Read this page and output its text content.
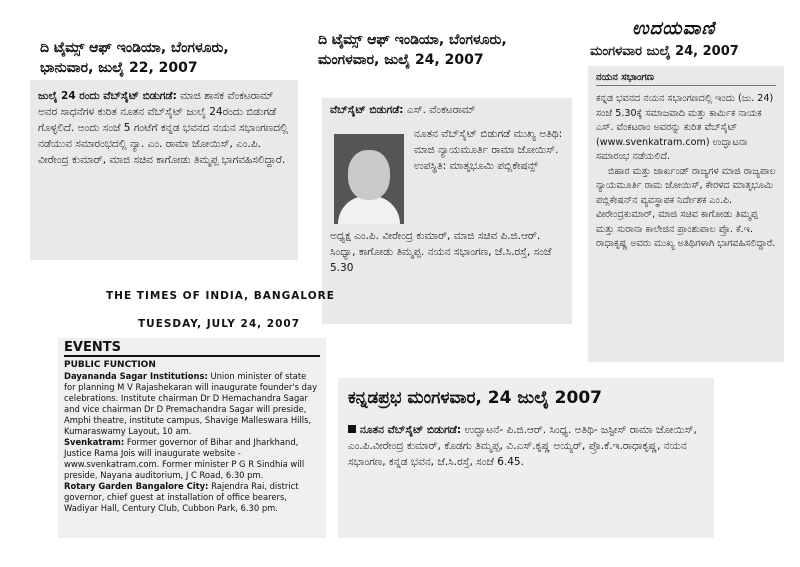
ದಿ ಟೈಮ್ಸ್ ಆಫ್ ಇಂಡಿಯಾ, ಬೆಂಗಳೂರು,
ಭಾನುವಾರ, ಜುಲೈ 22, 2007

ಜುಲೈ 24 ರಂದು ವೆಬ್‌ಸೈಟ್ ಬಿಡುಗಡೆ: ಮಾಜಿ ಶಾಸಕ ವೆಂಕಟರಾಮ್ ಅವರ ಸಾಧನೆಗಳ ಕುರಿತ ನೂತನ ವೆಬ್‌ಸೈಟ್ ಜುಲೈ 24ರಂದು ಬಿಡುಗಡೆ ಗೊಳ್ಳಲಿದೆ. ಅಂದು ಸಂಜೆ 5 ಗಂಟೆಗೆ ಕನ್ನಡ ಭವನದ ನಯನ ಸಭಾಂಗಣದಲ್ಲಿ ನಡೆಯುವ ಸಮಾರಂಭದಲ್ಲಿ ನ್ಯಾ. ಎಂ. ರಾಮಾ ಜೋಯಿಸ್, ಎಂ.ಪಿ. ವೀರೇಂದ್ರ ಕುಮಾರ್, ಮಾಜಿ ಸಚಿವ ಕಾಗೋಡು ತಿಮ್ಮಪ್ಪ ಭಾಗವಹಿಸಲಿದ್ದಾರೆ.

ದಿ ಟೈಮ್ಸ್ ಆಫ್ ಇಂಡಿಯಾ, ಬೆಂಗಳೂರು,
ಮಂಗಳವಾರ, ಜುಲೈ 24, 2007
ವೆಬ್‌ಸೈಟ್ ಬಿಡುಗಡೆ: ಎಸ್. ವೆಂಕಟರಾಮ್
ನೂತನ ವೆಬ್‌ಸೈಟ್ ಬಿಡುಗಡೆ ಮುಖ್ಯ ಅತಿಥಿ: ಮಾಜಿ ನ್ಯಾಯಮೂರ್ತಿ ರಾಮಾ ಜೋಯಿಸ್. ಉಪಸ್ಥಿತಿ: ಮಾತೃಭೂಮಿ ಪಬ್ಲಿಕೇಷನ್ಸ್
ಅಧ್ಯಕ್ಷ ಎಂ.ಪಿ. ವೀರೇಂದ್ರ ಕುಮಾರ್, ಮಾಜಿ ಸಚಿವ ಪಿ.ಜಿ.ಆರ್. ಸಿಂಧ್ಯಾ, ಕಾಗೋಡು ತಿಮ್ಮಪ್ಪ. ನಯನ ಸಭಾಂಗಣ, ಜೆ.ಸಿ.ರಸ್ತೆ, ಸಂಜೆ 5.30
ಉದಯವಾಣಿ
ಮಂಗಳವಾರ ಜುಲೈ 24, 2007
ನಯನ ಸಭಾಂಗಣ

ಕನ್ನಡ ಭವನದ ನಯನ ಸಭಾಂಗಣದಲ್ಲಿ ಇಂದು (ಜು. 24) ಸಂಜೆ 5.30ಕ್ಕೆ ಸಮಾಜವಾದಿ ಮತ್ತು ಕಾರ್ಮಿಕ ನಾಯಕ ಎಸ್. ವೆಂಕಟರಾಂ ಅವರನ್ನು ಕುರಿತ ವೆಬ್‌ಸೈಟ್ (www.svenkatram.com) ಉದ್ಘಾಟನಾ ಸಮಾರಂಭ ನಡೆಯಲಿದೆ.

ಬಿಹಾರ ಮತ್ತು ಜಾರ್ಖಂಡ್ ರಾಜ್ಯಗಳ ಮಾಜಿ ರಾಜ್ಯಪಾಲ ನ್ಯಾಯಮೂರ್ತಿ ರಾಮ ಜೋಯಿಸ್, ಕೇರಳದ ಮಾತೃಭೂಮಿ ಪಬ್ಲಿಕೇಷನ್‌ನ ವ್ಯವಸ್ಥಾಪಕ ನಿರ್ದೇಶಕ ಎಂ.ಪಿ. ವೀರೇಂದ್ರಕುಮಾರ್, ಮಾಜಿ ಸಚಿವ ಕಾಗೋಡು ತಿಮ್ಮಪ್ಪ ಮತ್ತು ಸುರಾನಾ ಕಾಲೇಜಿನ ಪ್ರಾಂಶುಪಾಲ ಪ್ರೊ. ಕೆ.ಇ. ರಾಧಾಕೃಷ್ಣ ಅವರು ಮುಖ್ಯ ಅತಿಥಿಗಳಾಗಿ ಭಾಗವಹಿಸಲಿದ್ದಾರೆ.

THE TIMES OF INDIA, BANGALORE
TUESDAY, JULY 24, 2007
EVENTS
PUBLIC FUNCTION

Dayananda Sagar Institutions: Union minister of state for planning M V Rajashekaran will inaugurate founder's day celebrations. Institute chairman Dr D Hemachandra Sagar and vice chairman Dr D Premachandra Sagar will preside, Amphi theatre, institute campus, Shavige Malleswara Hills, Kumaraswamy Layout, 10 am.

Svenkatram: Former governor of Bihar and Jharkhand, Justice Rama Jois will inaugurate website - www.svenkatram.com. Former minister P G R Sindhia will preside, Nayana auditorium, J C Road, 6.30 pm.

Rotary Garden Bangalore City: Rajendra Rai, district governor, chief guest at installation of office bearers, Wadiyar Hall, Century Club, Cubbon Park, 6.30 pm.

ಕನ್ನಡಪ್ರಭ ಮಂಗಳವಾರ, 24 ಜುಲೈ 2007

ನೂತನ ವೆಬ್‌ಸೈಟ್ ಬಿಡುಗಡೆ: ಉದ್ಘಾಟನೆ- ಪಿ.ಜಿ.ಆರ್. ಸಿಂಧ್ಯ. ಅತಿಥಿ- ಜಸ್ಟೀಸ್ ರಾಮಾ ಜೋಯಿಸ್, ಎಂ.ಪಿ.ವೀರೇಂದ್ರ ಕುಮಾರ್, ಕೊಡಗು ತಿಮ್ಮಪ್ಪ, ವಿ.ಎಸ್.ಕೃಷ್ಣ ಅಯ್ಯರ್, ಪ್ರೊ.ಕೆ.ಇ.ರಾಧಾಕೃಷ್ಣ, ನಯನ ಸಭಾಂಗಣ, ಕನ್ನಡ ಭವನ, ಜೆ.ಸಿ.ರಸ್ತೆ, ಸಂಜೆ 6.45.
